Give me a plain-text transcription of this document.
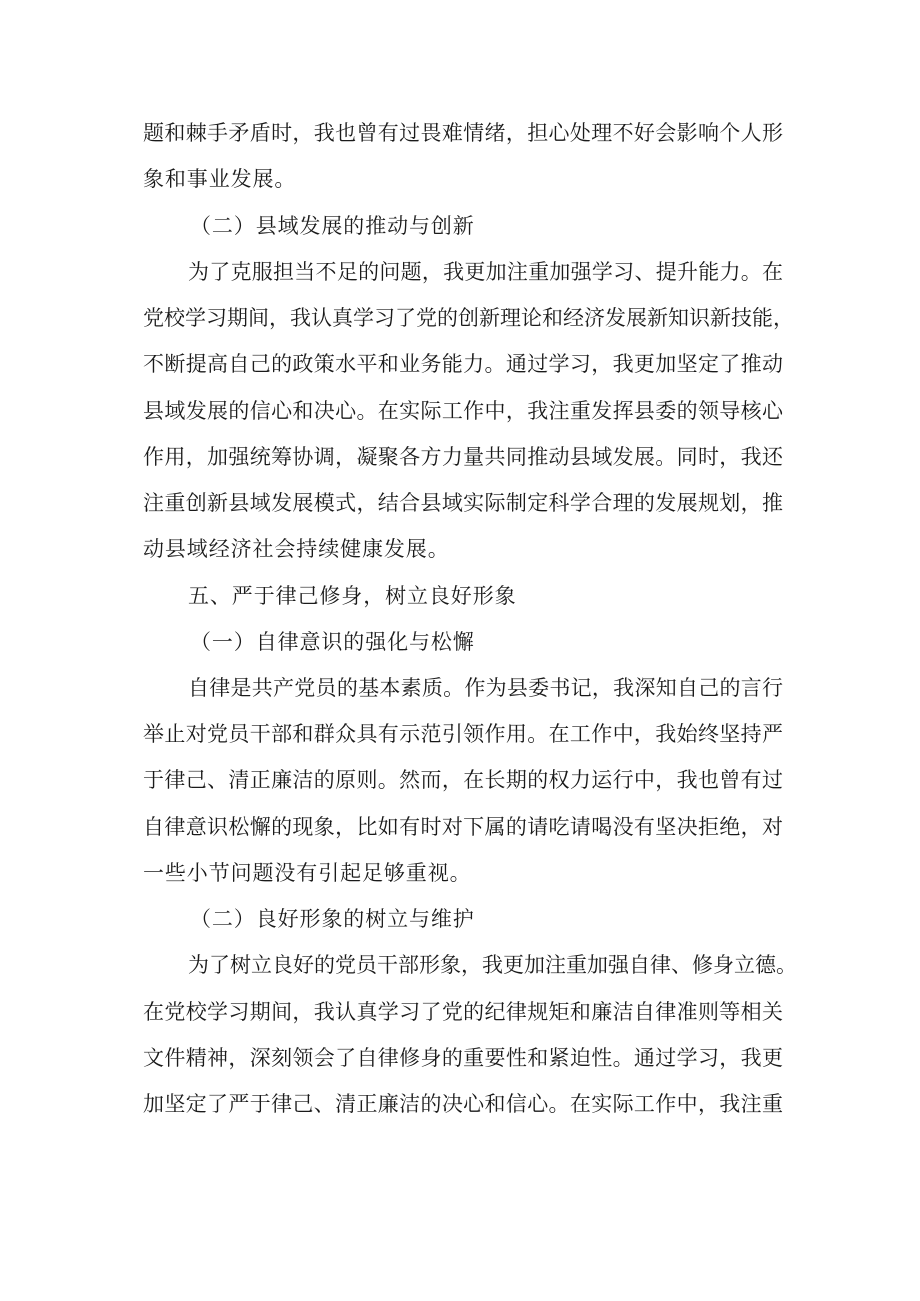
题和棘手矛盾时，我也曾有过畏难情绪，担心处理不好会影响个人形
象和事业发展。
（二）县域发展的推动与创新
为了克服担当不足的问题，我更加注重加强学习、提升能力。在
党校学习期间，我认真学习了党的创新理论和经济发展新知识新技能，
不断提高自己的政策水平和业务能力。通过学习，我更加坚定了推动
县域发展的信心和决心。在实际工作中，我注重发挥县委的领导核心
作用，加强统筹协调，凝聚各方力量共同推动县域发展。同时，我还
注重创新县域发展模式，结合县域实际制定科学合理的发展规划，推
动县域经济社会持续健康发展。
五、严于律己修身，树立良好形象
（一）自律意识的强化与松懈
自律是共产党员的基本素质。作为县委书记，我深知自己的言行
举止对党员干部和群众具有示范引领作用。在工作中，我始终坚持严
于律己、清正廉洁的原则。然而，在长期的权力运行中，我也曾有过
自律意识松懈的现象，比如有时对下属的请吃请喝没有坚决拒绝，对
一些小节问题没有引起足够重视。
（二）良好形象的树立与维护
为了树立良好的党员干部形象，我更加注重加强自律、修身立德。
在党校学习期间，我认真学习了党的纪律规矩和廉洁自律准则等相关
文件精神，深刻领会了自律修身的重要性和紧迫性。通过学习，我更
加坚定了严于律己、清正廉洁的决心和信心。在实际工作中，我注重
